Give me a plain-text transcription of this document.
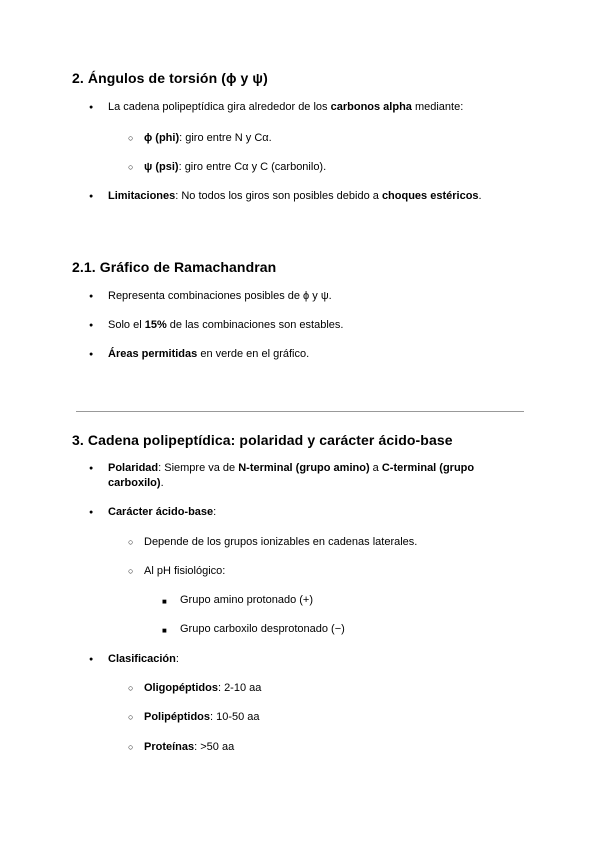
2. Ángulos de torsión (ϕ y ψ)
● La cadena polipeptídica gira alrededor de los carbonos alpha mediante:
○ ϕ (phi): giro entre N y Cα.
○ ψ (psi): giro entre Cα y C (carbonilo).
● Limitaciones: No todos los giros son posibles debido a choques estéricos.
2.1. Gráfico de Ramachandran
● Representa combinaciones posibles de ϕ y ψ.
● Solo el 15% de las combinaciones son estables.
● Áreas permitidas en verde en el gráfico.
3. Cadena polipeptídica: polaridad y carácter ácido-base
● Polaridad: Siempre va de N-terminal (grupo amino) a C-terminal (grupo
carboxilo).
● Carácter ácido-base:
○ Depende de los grupos ionizables en cadenas laterales.
○ Al pH fisiológico:
■ Grupo amino protonado (+)
■ Grupo carboxilo desprotonado (−)
● Clasificación:
○ Oligopéptidos: 2-10 aa
○ Polipéptidos: 10-50 aa
○ Proteínas: >50 aa
